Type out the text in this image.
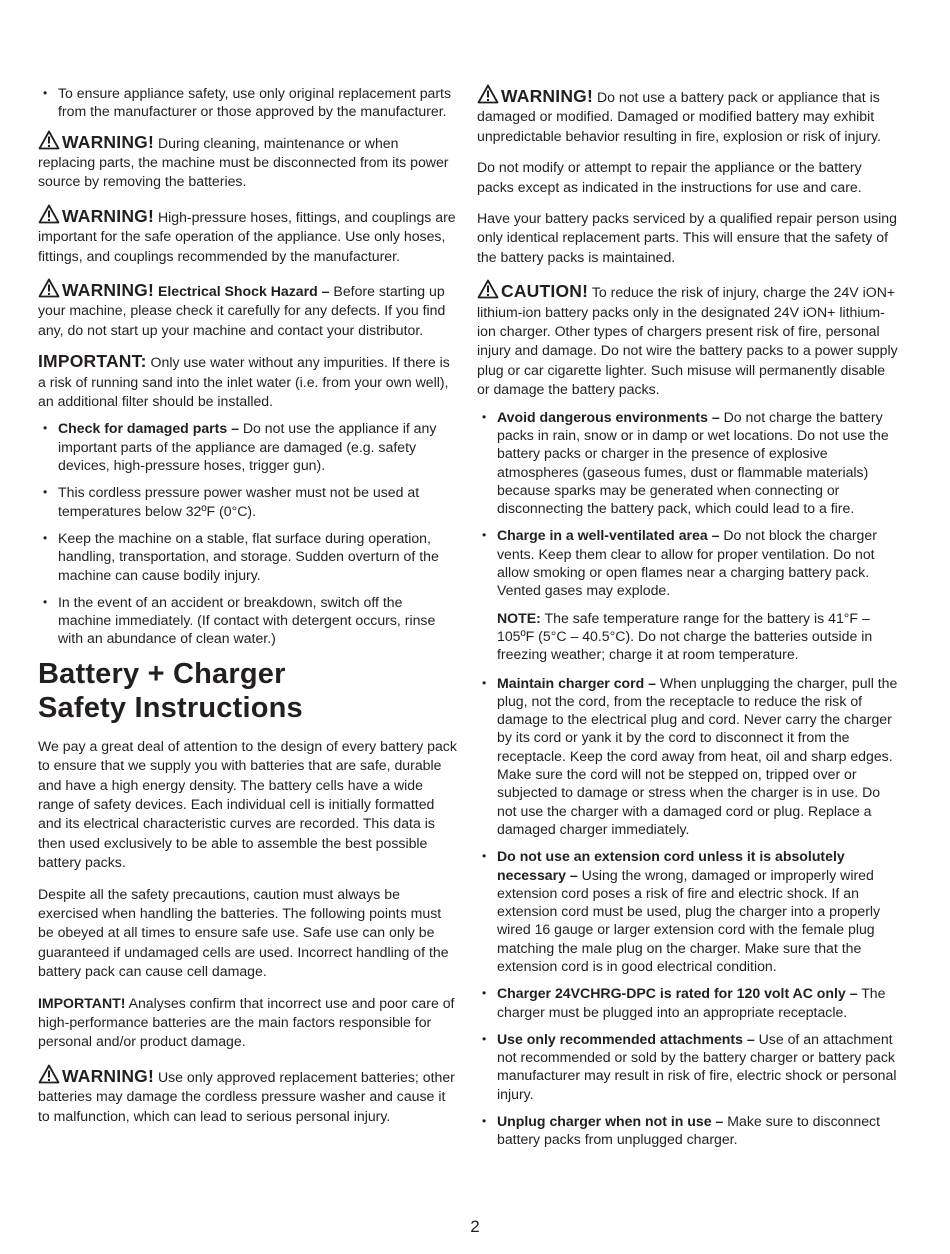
• To ensure appliance safety, use only original replacement parts from the manufacturer or those approved by the manufacturer.

WARNING! During cleaning, maintenance or when replacing parts, the machine must be disconnected from its power source by removing the batteries.

WARNING! High-pressure hoses, fittings, and couplings are important for the safe operation of the appliance. Use only hoses, fittings, and couplings recommended by the manufacturer.

WARNING! Electrical Shock Hazard – Before starting up your machine, please check it carefully for any defects. If you find any, do not start up your machine and contact your distributor.

IMPORTANT: Only use water without any impurities. If there is a risk of running sand into the inlet water (i.e. from your own well), an additional filter should be installed.

• Check for damaged parts – Do not use the appliance if any important parts of the appliance are damaged (e.g. safety devices, high-pressure hoses, trigger gun).
• This cordless pressure power washer must not be used at temperatures below 32ºF (0°C).
• Keep the machine on a stable, flat surface during operation, handling, transportation, and storage. Sudden overturn of the machine can cause bodily injury.
• In the event of an accident or breakdown, switch off the machine immediately. (If contact with detergent occurs, rinse with an abundance of clean water.)
Battery + Charger
Safety Instructions

We pay a great deal of attention to the design of every battery pack to ensure that we supply you with batteries that are safe, durable and have a high energy density. The battery cells have a wide range of safety devices. Each individual cell is initially formatted and its electrical characteristic curves are recorded. This data is then used exclusively to be able to assemble the best possible battery packs.

Despite all the safety precautions, caution must always be exercised when handling the batteries. The following points must be obeyed at all times to ensure safe use. Safe use can only be guaranteed if undamaged cells are used. Incorrect handling of the battery pack can cause cell damage.

IMPORTANT! Analyses confirm that incorrect use and poor care of high-performance batteries are the main factors responsible for personal and/or product damage.

WARNING! Use only approved replacement batteries; other batteries may damage the cordless pressure washer and cause it to malfunction, which can lead to serious personal injury.

WARNING! Do not use a battery pack or appliance that is damaged or modified. Damaged or modified battery may exhibit unpredictable behavior resulting in fire, explosion or risk of injury.

Do not modify or attempt to repair the appliance or the battery packs except as indicated in the instructions for use and care.

Have your battery packs serviced by a qualified repair person using only identical replacement parts. This will ensure that the safety of the battery packs is maintained.

CAUTION! To reduce the risk of injury, charge the 24V iON+ lithium-ion battery packs only in the designated 24V iON+ lithium-ion charger. Other types of chargers present risk of fire, personal injury and damage. Do not wire the battery packs to a power supply plug or car cigarette lighter. Such misuse will permanently disable or damage the battery packs.

• Avoid dangerous environments – Do not charge the battery packs in rain, snow or in damp or wet locations. Do not use the battery packs or charger in the presence of explosive atmospheres (gaseous fumes, dust or flammable materials) because sparks may be generated when connecting or disconnecting the battery pack, which could lead to a fire.
• Charge in a well-ventilated area – Do not block the charger vents. Keep them clear to allow for proper ventilation. Do not allow smoking or open flames near a charging battery pack. Vented gases may explode.

NOTE: The safe temperature range for the battery is 41°F – 105ºF (5°C – 40.5°C). Do not charge the batteries outside in freezing weather; charge it at room temperature.

• Maintain charger cord – When unplugging the charger, pull the plug, not the cord, from the receptacle to reduce the risk of damage to the electrical plug and cord. Never carry the charger by its cord or yank it by the cord to disconnect it from the receptacle. Keep the cord away from heat, oil and sharp edges. Make sure the cord will not be stepped on, tripped over or subjected to damage or stress when the charger is in use. Do not use the charger with a damaged cord or plug. Replace a damaged charger immediately.
• Do not use an extension cord unless it is absolutely necessary – Using the wrong, damaged or improperly wired extension cord poses a risk of fire and electric shock. If an extension cord must be used, plug the charger into a properly wired 16 gauge or larger extension cord with the female plug matching the male plug on the charger. Make sure that the extension cord is in good electrical condition.
• Charger 24VCHRG-DPC is rated for 120 volt AC only – The charger must be plugged into an appropriate receptacle.
• Use only recommended attachments – Use of an attachment not recommended or sold by the battery charger or battery pack manufacturer may result in risk of fire, electric shock or personal injury.
• Unplug charger when not in use – Make sure to disconnect battery packs from unplugged charger.
2
